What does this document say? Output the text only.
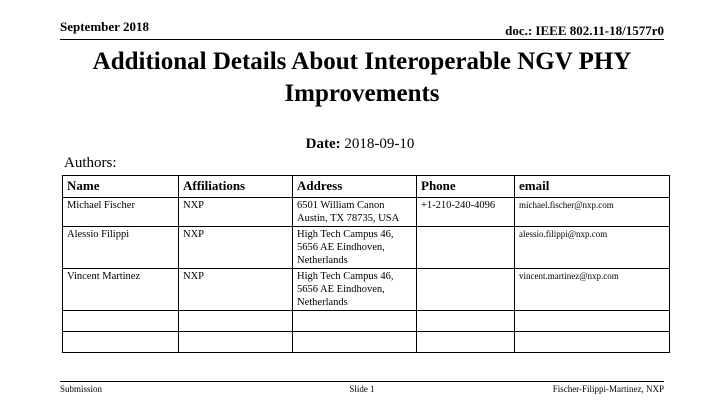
September 2018	doc.: IEEE 802.11-18/1577r0
Additional Details About Interoperable NGV PHY Improvements
Date: 2018-09-10
Authors:
Name	Affiliations	Address	Phone	email
Michael Fischer	NXP	6501 William Canon Austin, TX 78735, USA	+1-210-240-4096	michael.fischer@nxp.com
Alessio Filippi	NXP	High Tech Campus 46, 5656 AE Eindhoven, Netherlands		alessio.filippi@nxp.com
Vincent Martinez	NXP	High Tech Campus 46, 5656 AE Eindhoven, Netherlands		vincent.martinez@nxp.com

Submission	Slide 1	Fischer-Filippi-Martinez, NXP
